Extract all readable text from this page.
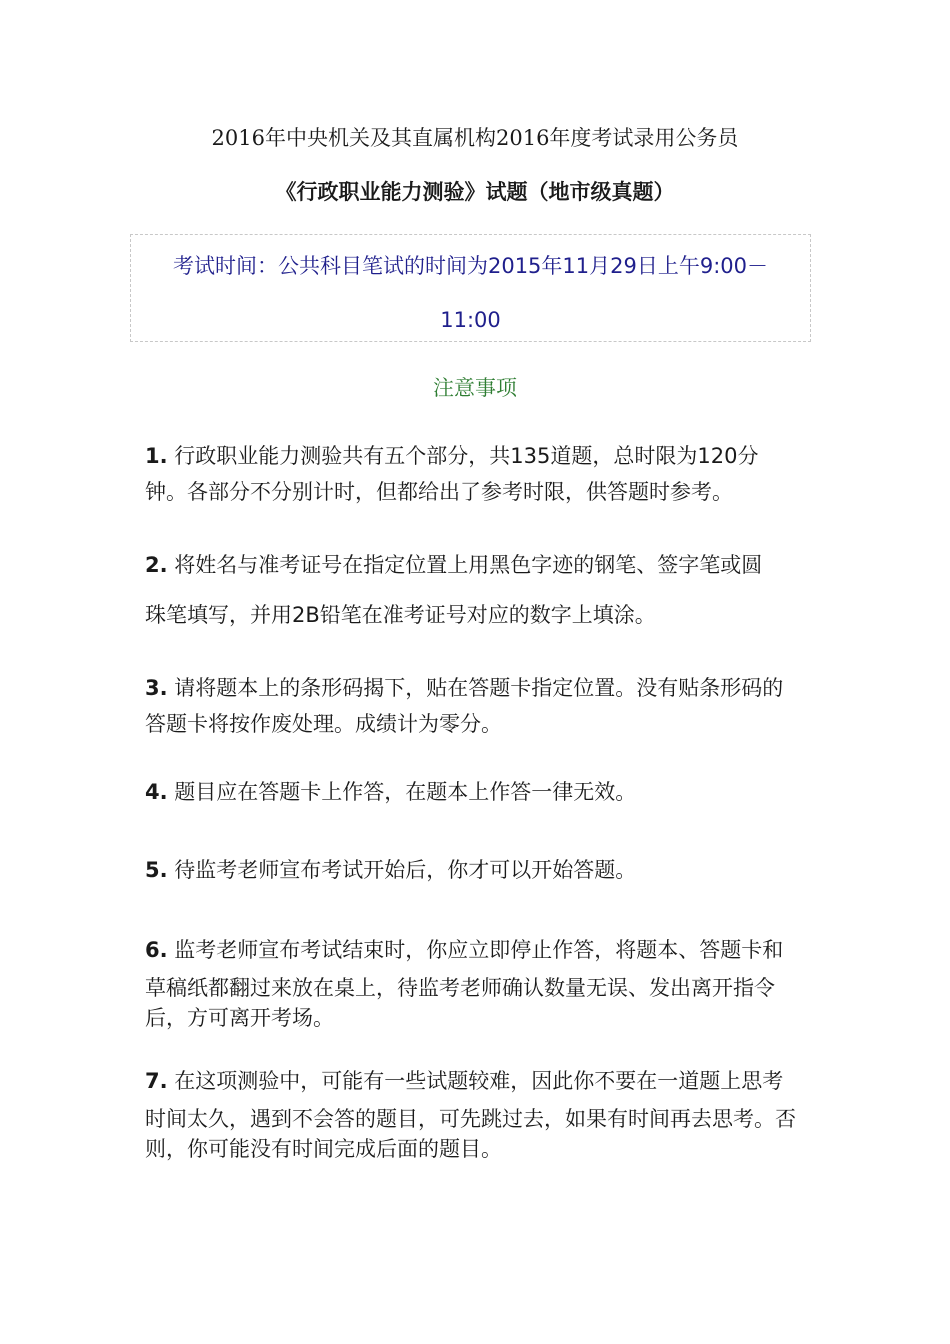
2016年中央机关及其直属机构2016年度考试录用公务员
《行政职业能力测验》试题（地市级真题）
考试时间：公共科目笔试的时间为2015年11月29日上午9:00－
11:00
注意事项

1. 行政职业能力测验共有五个部分，共135道题，总时限为120分

钟。各部分不分别计时，但都给出了参考时限，供答题时参考。

2. 将姓名与准考证号在指定位置上用黑色字迹的钢笔、签字笔或圆

珠笔填写，并用2B铅笔在准考证号对应的数字上填涂。

3. 请将题本上的条形码揭下，贴在答题卡指定位置。没有贴条形码的

答题卡将按作废处理。成绩计为零分。

4. 题目应在答题卡上作答，在题本上作答一律无效。

5. 待监考老师宣布考试开始后，你才可以开始答题。

6. 监考老师宣布考试结束时，你应立即停止作答，将题本、答题卡和

草稿纸都翻过来放在桌上，待监考老师确认数量无误、发出离开指令

后，方可离开考场。

7. 在这项测验中，可能有一些试题较难，因此你不要在一道题上思考

时间太久，遇到不会答的题目，可先跳过去，如果有时间再去思考。否

则，你可能没有时间完成后面的题目。
